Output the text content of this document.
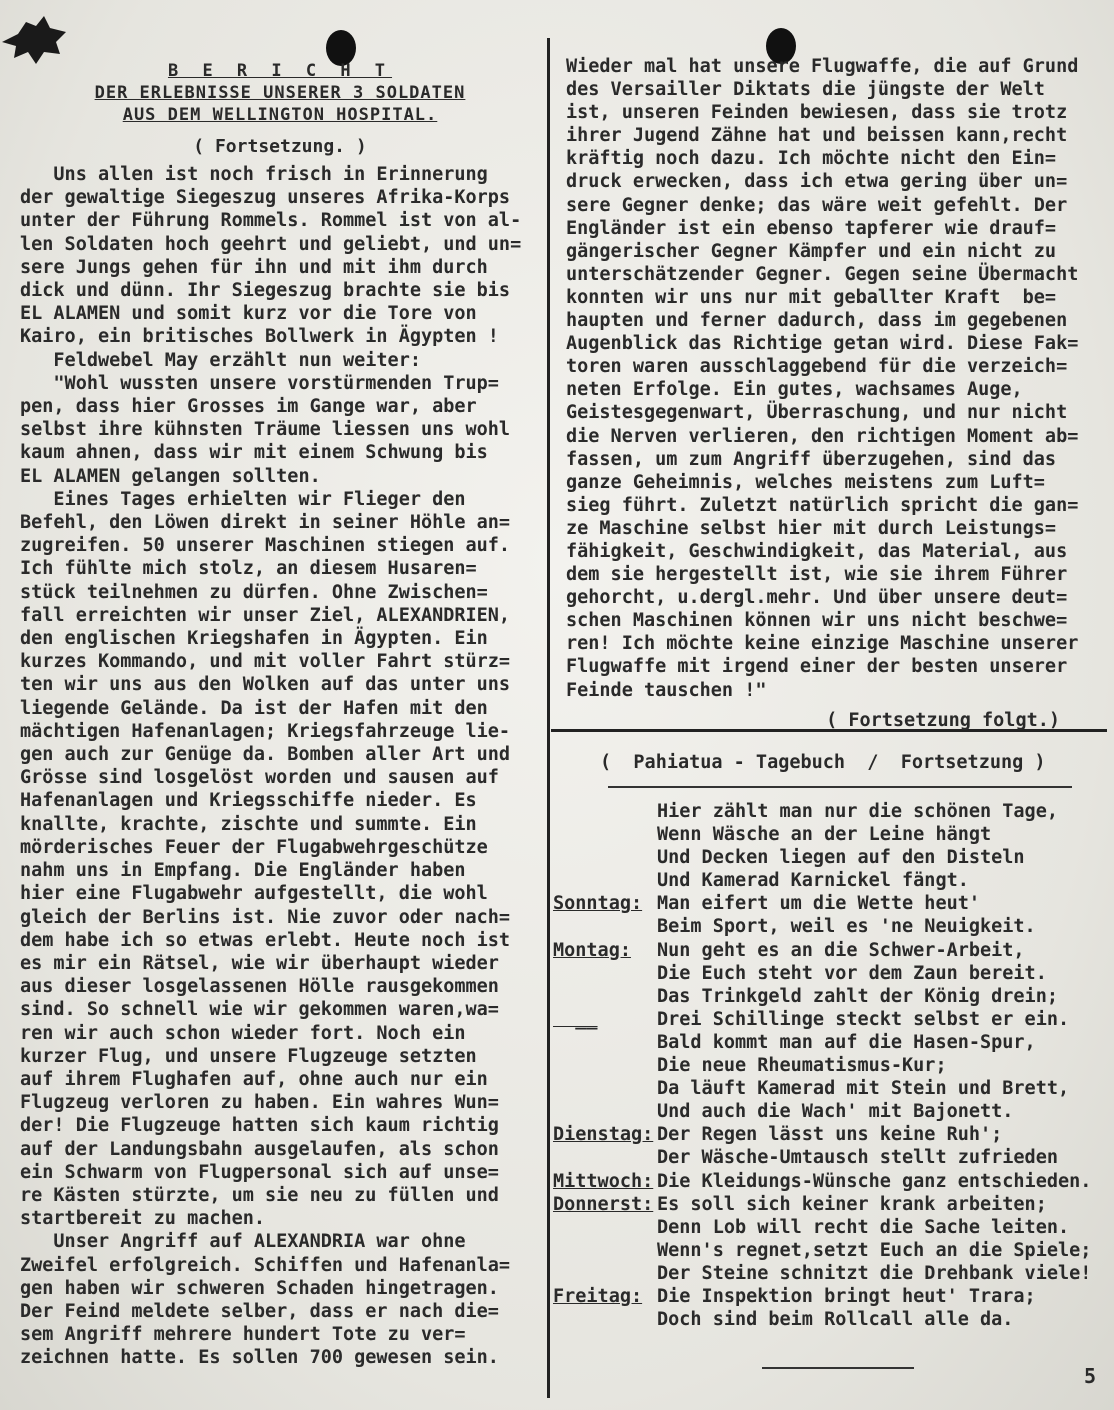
B E R I C H T
DER ERLEBNISSE UNSERER 3 SOLDATEN
AUS DEM WELLINGTON HOSPITAL.
( Fortsetzung. )

Uns allen ist noch frisch in Erinnerung

der gewaltige Siegeszug unseres Afrika-Korps

unter der Führung Rommels. Rommel ist von al-

len Soldaten hoch geehrt und geliebt, und un=

sere Jungs gehen für ihn und mit ihm durch

dick und dünn. Ihr Siegeszug brachte sie bis

EL ALAMEN und somit kurz vor die Tore von

Kairo, ein britisches Bollwerk in Ägypten !

Feldwebel May erzählt nun weiter:

"Wohl wussten unsere vorstürmenden Trup=

pen, dass hier Grosses im Gange war, aber

selbst ihre kühnsten Träume liessen uns wohl

kaum ahnen, dass wir mit einem Schwung bis

EL ALAMEN gelangen sollten.

Eines Tages erhielten wir Flieger den

Befehl, den Löwen direkt in seiner Höhle an=

zugreifen. 50 unserer Maschinen stiegen auf.

Ich fühlte mich stolz, an diesem Husaren=

stück teilnehmen zu dürfen. Ohne Zwischen=

fall erreichten wir unser Ziel, ALEXANDRIEN,

den englischen Kriegshafen in Ägypten. Ein

kurzes Kommando, und mit voller Fahrt stürz=

ten wir uns aus den Wolken auf das unter uns

liegende Gelände. Da ist der Hafen mit den

mächtigen Hafenanlagen; Kriegsfahrzeuge lie-

gen auch zur Genüge da. Bomben aller Art und

Grösse sind losgelöst worden und sausen auf

Hafenanlagen und Kriegsschiffe nieder. Es

knallte, krachte, zischte und summte. Ein

mörderisches Feuer der Flugabwehrgeschütze

nahm uns in Empfang. Die Engländer haben

hier eine Flugabwehr aufgestellt, die wohl

gleich der Berlins ist. Nie zuvor oder nach=

dem habe ich so etwas erlebt. Heute noch ist

es mir ein Rätsel, wie wir überhaupt wieder

aus dieser losgelassenen Hölle rausgekommen

sind. So schnell wie wir gekommen waren,wa=

ren wir auch schon wieder fort. Noch ein

kurzer Flug, und unsere Flugzeuge setzten

auf ihrem Flughafen auf, ohne auch nur ein

Flugzeug verloren zu haben. Ein wahres Wun=

der! Die Flugzeuge hatten sich kaum richtig

auf der Landungsbahn ausgelaufen, als schon

ein Schwarm von Flugpersonal sich auf unse=

re Kästen stürzte, um sie neu zu füllen und

startbereit zu machen.

Unser Angriff auf ALEXANDRIA war ohne

Zweifel erfolgreich. Schiffen und Hafenanla=

gen haben wir schweren Schaden hingetragen.

Der Feind meldete selber, dass er nach die=

sem Angriff mehrere hundert Tote zu ver=

zeichnen hatte. Es sollen 700 gewesen sein.

Wieder mal hat unsere Flugwaffe, die auf Grund

des Versailler Diktats die jüngste der Welt

ist, unseren Feinden bewiesen, dass sie trotz

ihrer Jugend Zähne hat und beissen kann,recht

kräftig noch dazu. Ich möchte nicht den Ein=

druck erwecken, dass ich etwa gering über un=

sere Gegner denke; das wäre weit gefehlt. Der

Engländer ist ein ebenso tapferer wie drauf=

gängerischer Gegner Kämpfer und ein nicht zu

unterschätzender Gegner. Gegen seine Übermacht

konnten wir uns nur mit geballter Kraft  be=

haupten und ferner dadurch, dass im gegebenen

Augenblick das Richtige getan wird. Diese Fak=

toren waren ausschlaggebend für die verzeich=

neten Erfolge. Ein gutes, wachsames Auge,

Geistesgegenwart, Überraschung, und nur nicht

die Nerven verlieren, den richtigen Moment ab=

fassen, um zum Angriff überzugehen, sind das

ganze Geheimnis, welches meistens zum Luft=

sieg führt. Zuletzt natürlich spricht die gan=

ze Maschine selbst hier mit durch Leistungs=

fähigkeit, Geschwindigkeit, das Material, aus

dem sie hergestellt ist, wie sie ihrem Führer

gehorcht, u.dergl.mehr. Und über unsere deut=

schen Maschinen können wir uns nicht beschwe=

ren! Ich möchte keine einzige Maschine unserer

Flugwaffe mit irgend einer der besten unserer

Feinde tauschen !"

( Fortsetzung folgt.)
(  Pahiatua - Tagebuch  /  Fortsetzung )
Hier zählt man nur die schönen Tage,
Wenn Wäsche an der Leine hängt
Und Decken liegen auf den Disteln
Und Kamerad Karnickel fängt.
Sonntag: Man eifert um die Wette heut'
Beim Sport, weil es 'ne Neuigkeit.
Montag: Nun geht es an die Schwer-Arbeit,
Die Euch steht vor dem Zaun bereit.
Das Trinkgeld zahlt der König drein;
__	Drei Schillinge steckt selbst er ein.
Bald kommt man auf die Hasen-Spur,
Die neue Rheumatismus-Kur;
Da läuft Kamerad mit Stein und Brett,
Und auch die Wach' mit Bajonett.
Dienstag: Der Regen lässt uns keine Ruh';
Der Wäsche-Umtausch stellt zufrieden
Mittwoch: Die Kleidungs-Wünsche ganz entschieden.
Donnerst: Es soll sich keiner krank arbeiten;
Denn Lob will recht die Sache leiten.
Wenn's regnet,setzt Euch an die Spiele;
Der Steine schnitzt die Drehbank viele!
Freitag: Die Inspektion bringt heut' Trara;
Doch sind beim Rollcall alle da.
5
